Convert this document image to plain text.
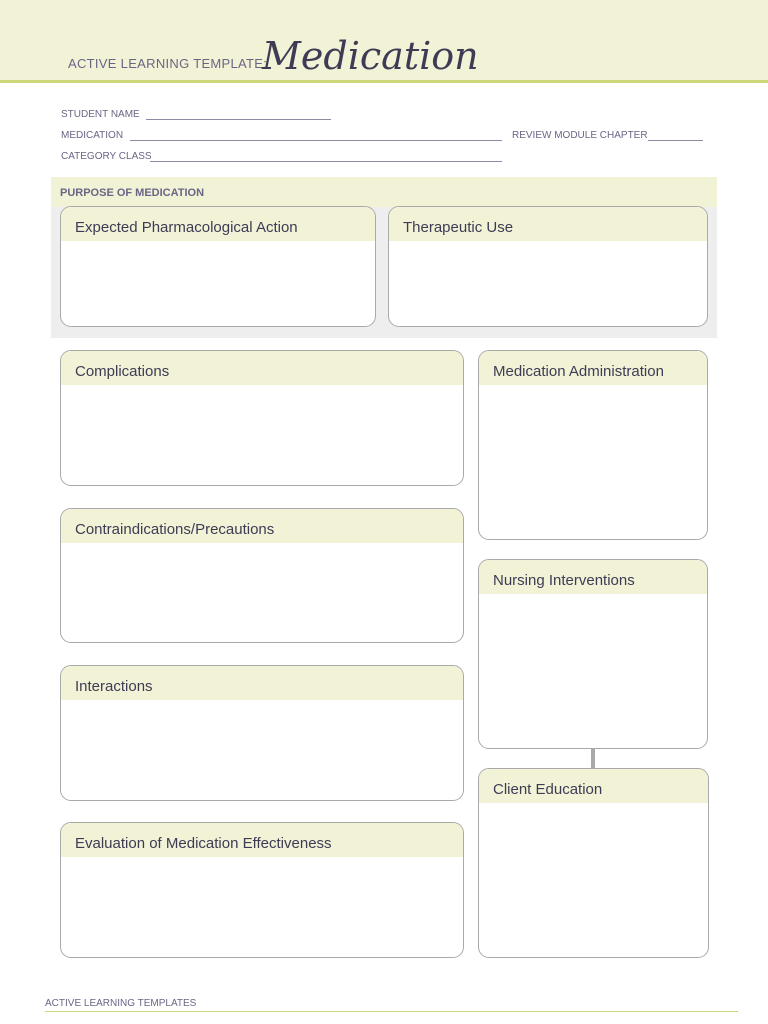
ACTIVE LEARNING TEMPLATE:
Medication
STUDENT NAME
MEDICATION	REVIEW MODULE CHAPTER
CATEGORY CLASS
PURPOSE OF MEDICATION
Expected Pharmacological Action	Therapeutic Use
Complications
Contraindications/Precautions
Interactions
Evaluation of Medication Effectiveness
Medication Administration
Nursing Interventions
Client Education
ACTIVE LEARNING TEMPLATES
